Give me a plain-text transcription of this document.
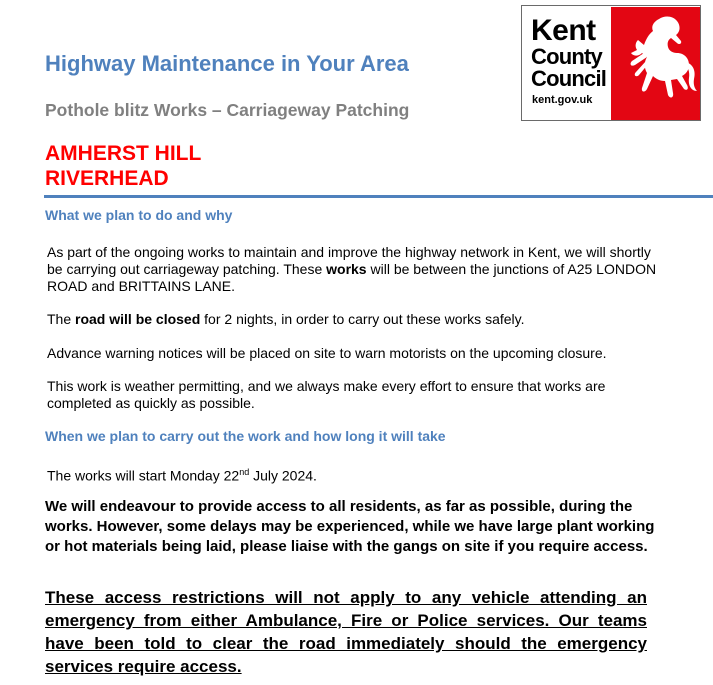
Kent
County
Council
kent.gov.uk
Highway Maintenance in Your Area
Pothole blitz Works – Carriageway Patching
AMHERST HILL
RIVERHEAD
What we plan to do and why
As part of the ongoing works to maintain and improve the highway network in Kent, we will shortly be carrying out carriageway patching. These works will be between the junctions of A25 LONDON ROAD and BRITTAINS LANE.
The road will be closed for 2 nights, in order to carry out these works safely.
Advance warning notices will be placed on site to warn motorists on the upcoming closure.
This work is weather permitting, and we always make every effort to ensure that works are completed as quickly as possible.
When we plan to carry out the work and how long it will take
The works will start Monday 22nd July 2024.
We will endeavour to provide access to all residents, as far as possible, during the works. However, some delays may be experienced, while we have large plant working or hot materials being laid, please liaise with the gangs on site if you require access.
These access restrictions will not apply to any vehicle attending an emergency from either Ambulance, Fire or Police services. Our teams have been told to clear the road immediately should the emergency services require access.
